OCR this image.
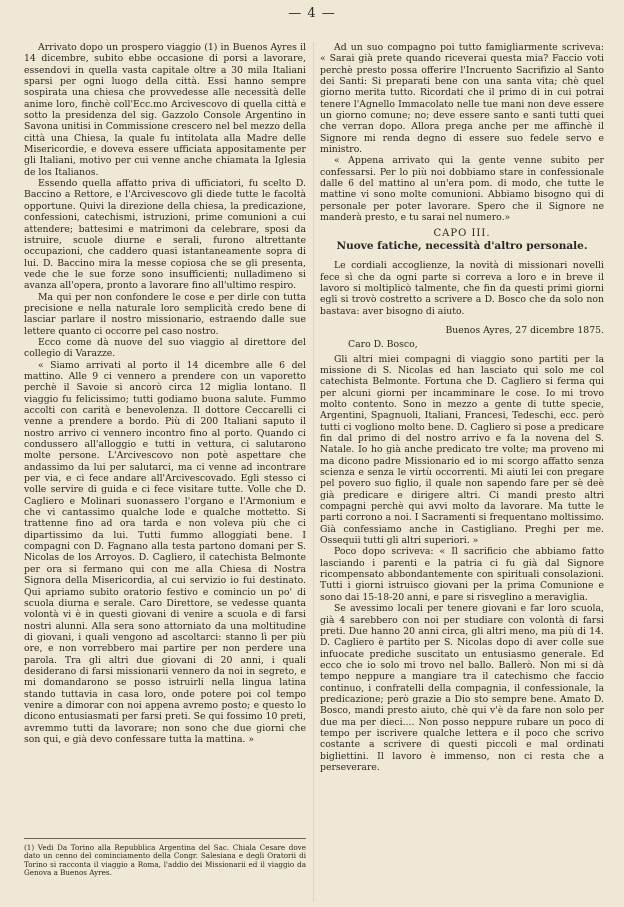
— 4 —

Arrivato dopo un prospero viaggio (1) in Buenos Ayres il 14 dicembre, subito ebbe occasione di porsi a lavorare, essendovi in quella vasta capitale oltre a 30 mila Italiani sparsi per ogni luogo della città. Essi hanno sempre sospirata una chiesa che provvedesse alle necessità delle anime loro, finchè coll'Ecc.mo Arcivescovo di quella città e sotto la presidenza del sig. Gazzolo Console Argentino in Savona unitisi in Commissione crescero nel bel mezzo della città una Chiesa, la quale fu intitolata alla Madre delle Misericordie, e doveva essere ufficiata appositamente per gli Italiani, motivo per cui venne anche chiamata la Iglesia de los Italianos.

Essendo quella affatto priva di ufficiatori, fu scelto D. Baccino a Rettore, e l'Arcivescovo gli diede tutte le facoltà opportune. Quivi la direzione della chiesa, la predicazione, confessioni, catechismi, istruzioni, prime comunioni a cui attendere; battesimi e matrimoni da celebrare, sposi da istruire, scuole diurne e serali, furono altrettante occupazioni, che caddero quasi istantaneamente sopra di lui. D. Baccino mira la messe copiosa che se gli presenta, vede che le sue forze sono insufficienti; nulladimeno si avanza all'opera, pronto a lavorare fino all'ultimo respiro.

Ma qui per non confondere le cose e per dirle con tutta precisione e nella naturale loro semplicità credo bene di lasciar parlare il nostro missionario, estraendo dalle sue lettere quanto ci occorre pel caso nostro.

Ecco come dà nuove del suo viaggio al direttore del collegio di Varazze.

« Siamo arrivati al porto il 14 dicembre alle 6 del mattino. Alle 9 ci vennero a prendere con un vaporetto perchè il Savoie si ancorò circa 12 miglia lontano. Il viaggio fu felicissimo; tutti godiamo buona salute. Fummo accolti con carità e benevolenza. Il dottore Ceccarelli ci venne a prendere a bordo. Più di 200 Italiani saputo il nostro arrivo ci vennero incontro fino al porto. Quando ci condussero all'alloggio e tutti in vettura, ci salutarono molte persone. L'Arcivescovo non potè aspettare che andassimo da lui per salutarci, ma ci venne ad incontrare per via, e ci fece andare all'Arcivescovado. Egli stesso ci volle servire di guida e ci fece visitare tutte. Volle che D. Cagliero e Molinari suonassero l'organo e l'Armonium e che vi cantassimo qualche lode e qualche mottetto. Si trattenne fino ad ora tarda e non voleva più che ci dipartissimo da lui. Tutti fummo alloggiati bene. I compagni con D. Fagnano alla testa partono domani per S. Nicolas de los Arroyos. D. Cagliero, il catechista Belmonte per ora si fermano qui con me alla Chiesa di Nostra Signora della Misericordia, al cui servizio io fui destinato. Qui apriamo subito oratorio festivo e comincio un po' di scuola diurna e serale. Caro Direttore, se vedesse quanta volontà vi è in questi giovani di venire a scuola e di farsi nostri alunni. Alla sera sono attorniato da una moltitudine di giovani, i quali vengono ad ascoltarci: stanno lì per più ore, e non vorrebbero mai partire per non perdere una parola. Tra gli altri due giovani di 20 anni, i quali desiderano di farsi missionarii vennero da noi in segreto, e mi domandarono se posso istruirli nella lingua latina stando tuttavia in casa loro, onde potere poi col tempo venire a dimorar con noi appena avremo posto; e questo lo dicono entusiasmati per farsi preti. Se qui fossimo 10 preti, avremmo tutti da lavorare; non sono che due giorni che son qui, e già devo confessare tutta la mattina. »

(1) Vedi Da Torino alla Repubblica Argentina del Sac. Chiala Cesare dove dato un cenno del cominciamento della Congr. Salesiana e degli Oratorii di Torino si racconta il viaggio a Roma, l'addio dei Missionarii ed il viaggio da Genova a Buenos Ayres.

Ad un suo compagno poi tutto famigliarmente scriveva: « Sarai già prete quando riceverai questa mia? Faccio voti perchè presto possa offerire l'Incruento Sacrifizio al Santo dei Santi: Si preparati bene con una santa vita; chè quel giorno merita tutto. Ricordati che il primo di in cui potrai tenere l'Agnello Immacolato nelle tue mani non deve essere un giorno comune; no; deve essere santo e santi tutti quei che verran dopo. Allora prega anche per me affinchè il Signore mi renda degno di essere suo fedele servo e ministro.

« Appena arrivato qui la gente venne subito per confessarsi. Per lo più noi dobbiamo stare in confessionale dalle 6 del mattino al un'era pom. di modo, che tutte le mattine vi sono molte comunioni. Abbiamo bisogno qui di personale per poter lavorare. Spero che il Signore ne manderà presto, e tu sarai nel numero.»

CAPO III.
Nuove fatiche, necessità d'altro personale.

Le cordiali accoglienze, la novità di missionari novelli fece sì che da ogni parte si correva a loro e in breve il lavoro si moltiplicò talmente, che fin da questi primi giorni egli si trovò costretto a scrivere a D. Bosco che da solo non bastava: aver bisogno di aiuto.

Buenos Ayres, 27 dicembre 1875.
Caro D. Bosco,

Gli altri miei compagni di viaggio sono partiti per la missione di S. Nicolas ed han lasciato qui solo me col catechista Belmonte. Fortuna che D. Cagliero si ferma qui per alcuni giorni per incamminare le cose. Io mi trovo molto contento. Sono in mezzo a gente di tutte specie, Argentini, Spagnuoli, Italiani, Francesi, Tedeschi, ecc. però tutti ci vogliono molto bene. D. Cagliero si pose a predicare fin dal primo di del nostro arrivo e fa la novena del S. Natale. Io ho già anche predicato tre volte; ma proveno mi ma dicono padre Missionario ed io mi scorgo affatto senza scienza e senza le virtù occorrenti. Mi aiuti lei con pregare pel povero suo figlio, il quale non sapendo fare per sè deè già predicare e dirigere altri. Ci mandi presto altri compagni perchè qui avvi molto da lavorare. Ma tutte le parti corrono a noi. I Sacramenti si frequentano moltissimo. Già confessiamo anche in Castigliano. Preghi per me. Ossequii tutti gli altri superiori. »

Poco dopo scriveva: « Il sacrificio che abbiamo fatto lasciando i parenti e la patria ci fu già dal Signore ricompensato abbondantemente con spirituali consolazioni. Tutti i giorni istruisco giovani per la prima Comunione e sono dai 15-18-20 anni, e pare si risveglino a meraviglia.

Se avessimo locali per tenere giovani e far loro scuola, già 4 sarebbero con noi per studiare con volontà di farsi preti. Due hanno 20 anni circa, gli altri meno, ma più di 14. D. Cagliero è partito per S. Nicolas dopo di aver colle sue infuocate prediche suscitato un entusiasmo generale. Ed ecco che io solo mi trovo nel ballo. Ballerò. Non mi si dà tempo neppure a mangiare tra il catechismo che faccio continuo, i confratelli della compagnia, il confessionale, la predicazione; però grazie a Dio sto sempre bene. Amato D. Bosco, mandi presto aiuto, chè qui v'è da fare non solo per due ma per dieci.... Non posso neppure rubare un poco di tempo per iscrivere qualche lettera e il poco che scrivo costante a scrivere di questi piccoli e mal ordinati bigliettini. Il lavoro è immenso, non ci resta che a perseverare.
